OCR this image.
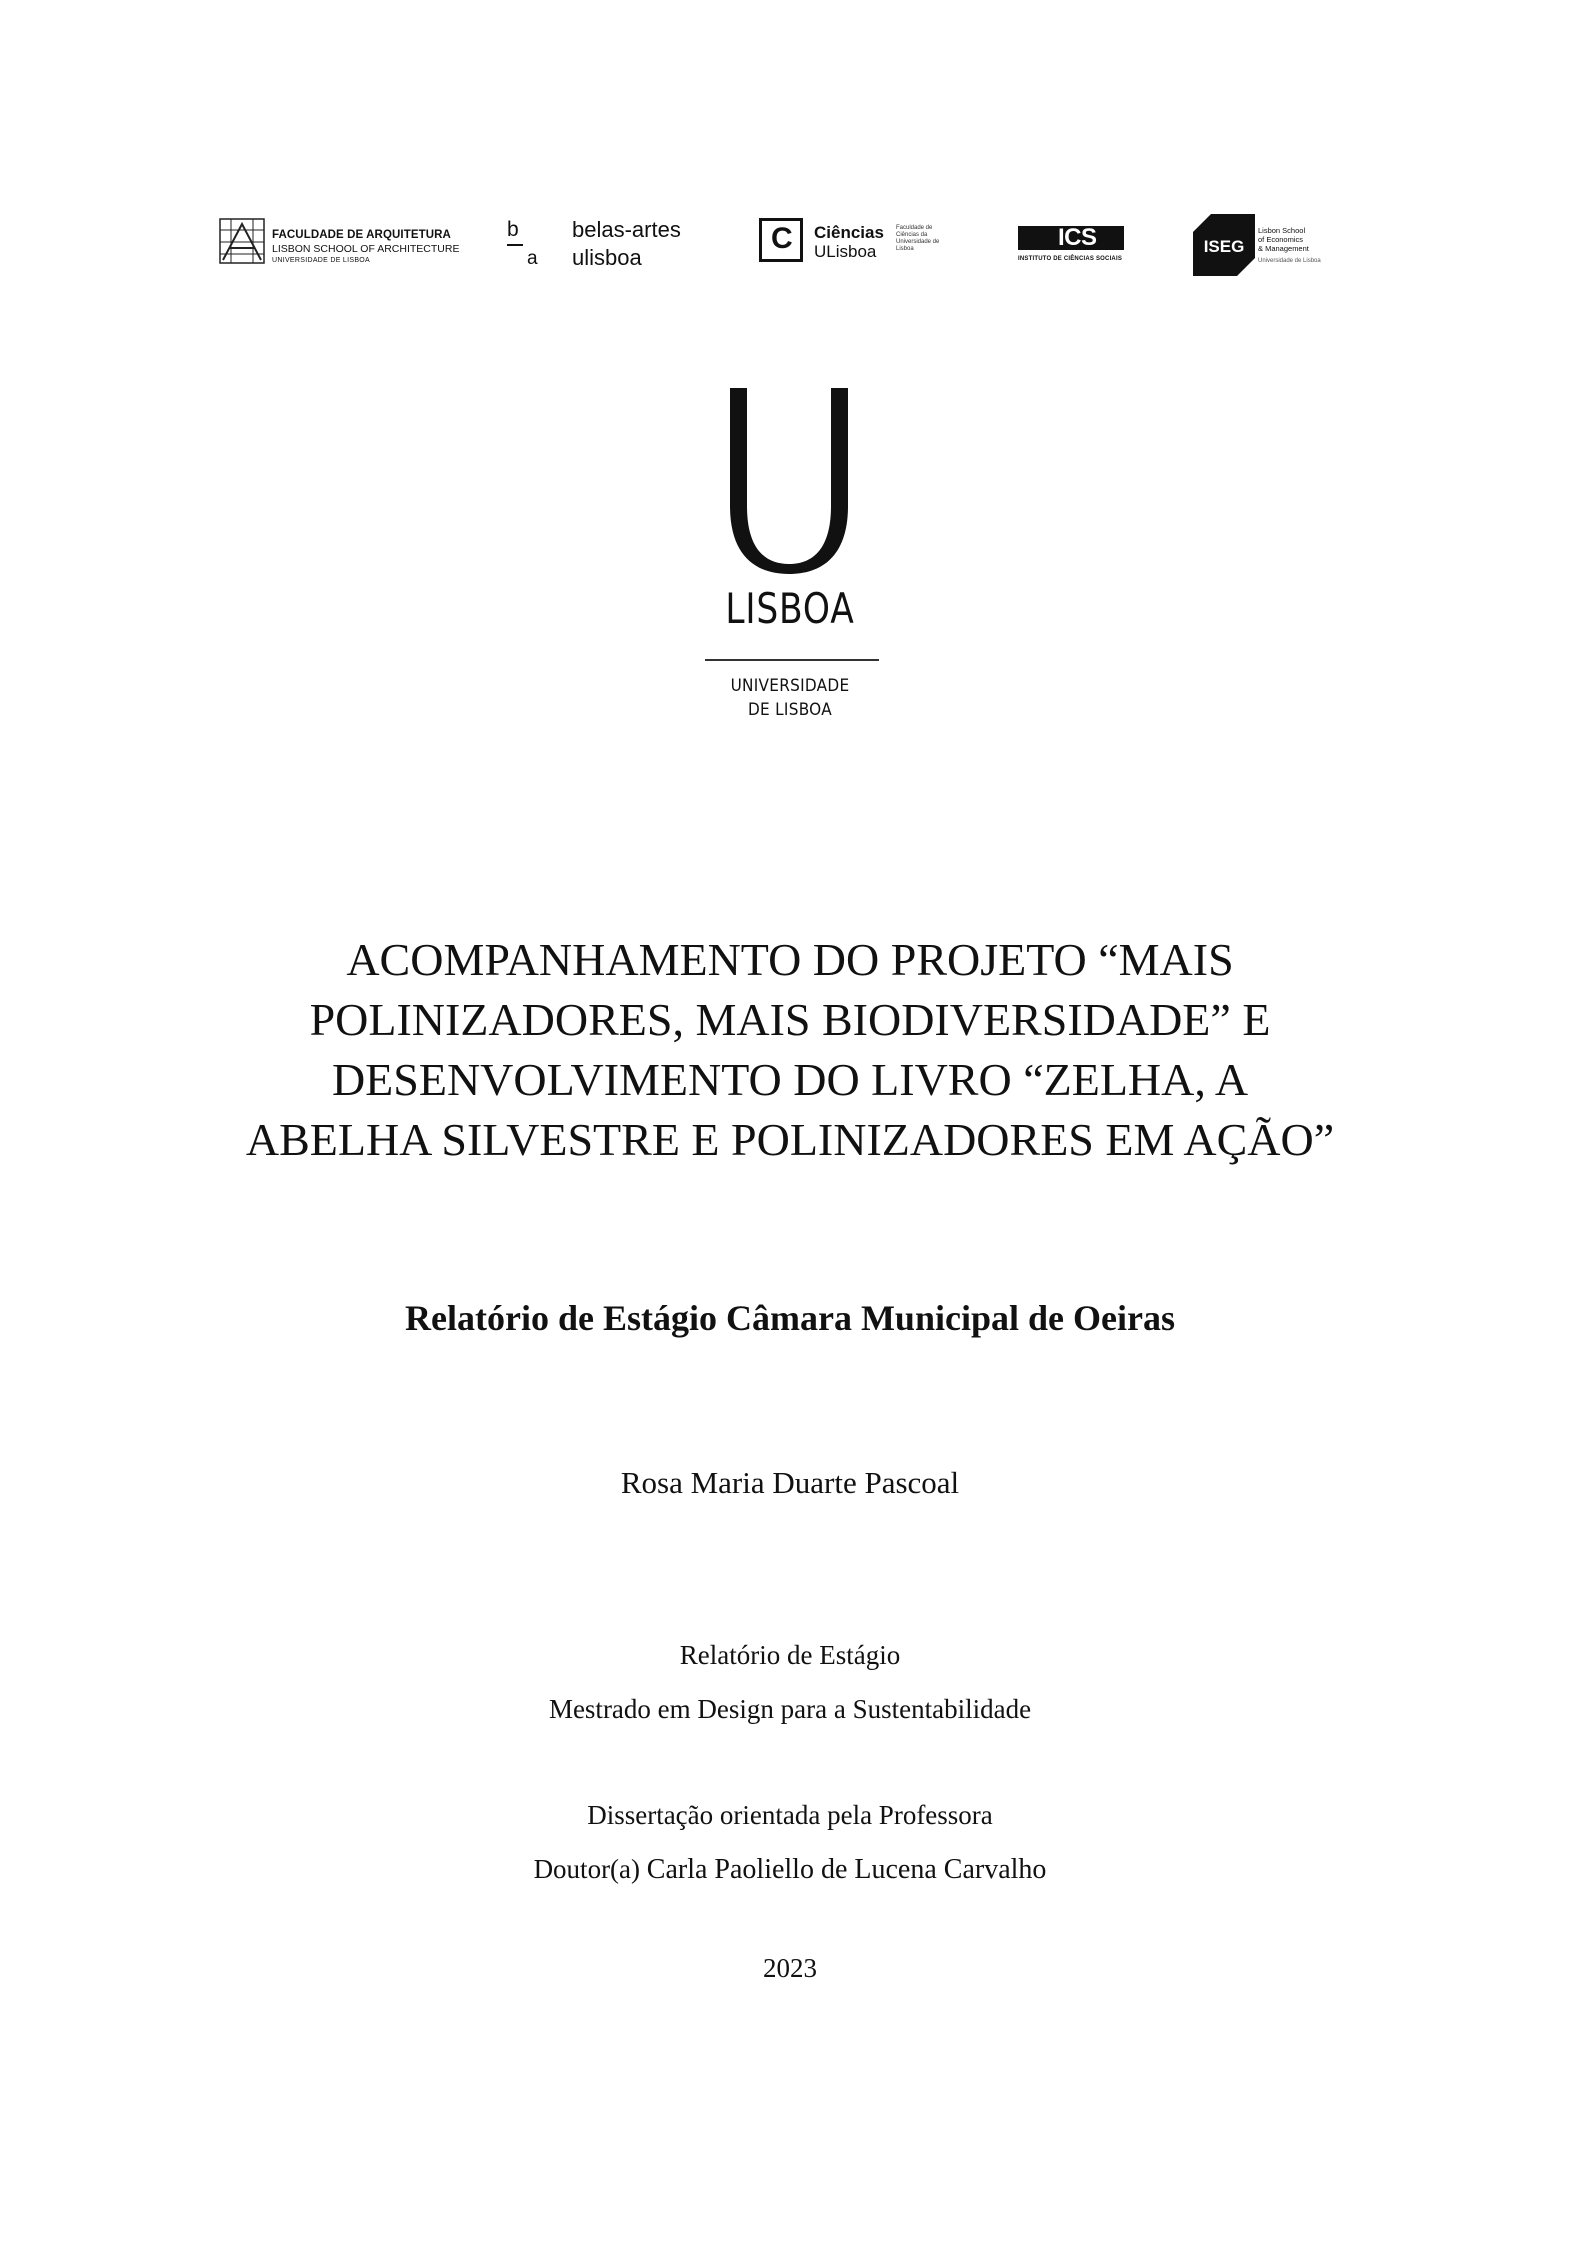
FACULDADE DE ARQUITETURA
LISBON SCHOOL OF ARCHITECTURE
UNIVERSIDADE DE LISBOA
b
a
belas-artes
ulisboa
C Ciências
ULisboa
Faculdade de Ciências da Universidade de Lisboa	ICS
INSTITUTO DE CIÊNCIAS SOCIAIS
ISEG
Lisbon School
of Economics
& Management
Universidade de Lisboa
LISBOA
UNIVERSIDADE
DE LISBOA
ACOMPANHAMENTO DO PROJETO “MAIS
POLINIZADORES, MAIS BIODIVERSIDADE” E
DESENVOLVIMENTO DO LIVRO “ZELHA, A
ABELHA SILVESTRE E POLINIZADORES EM AÇÃO”
Relatório de Estágio Câmara Municipal de Oeiras
Rosa Maria Duarte Pascoal
Relatório de Estágio
Mestrado em Design para a Sustentabilidade
Dissertação orientada pela Professora
Doutor(a) Carla Paoliello de Lucena Carvalho
2023
